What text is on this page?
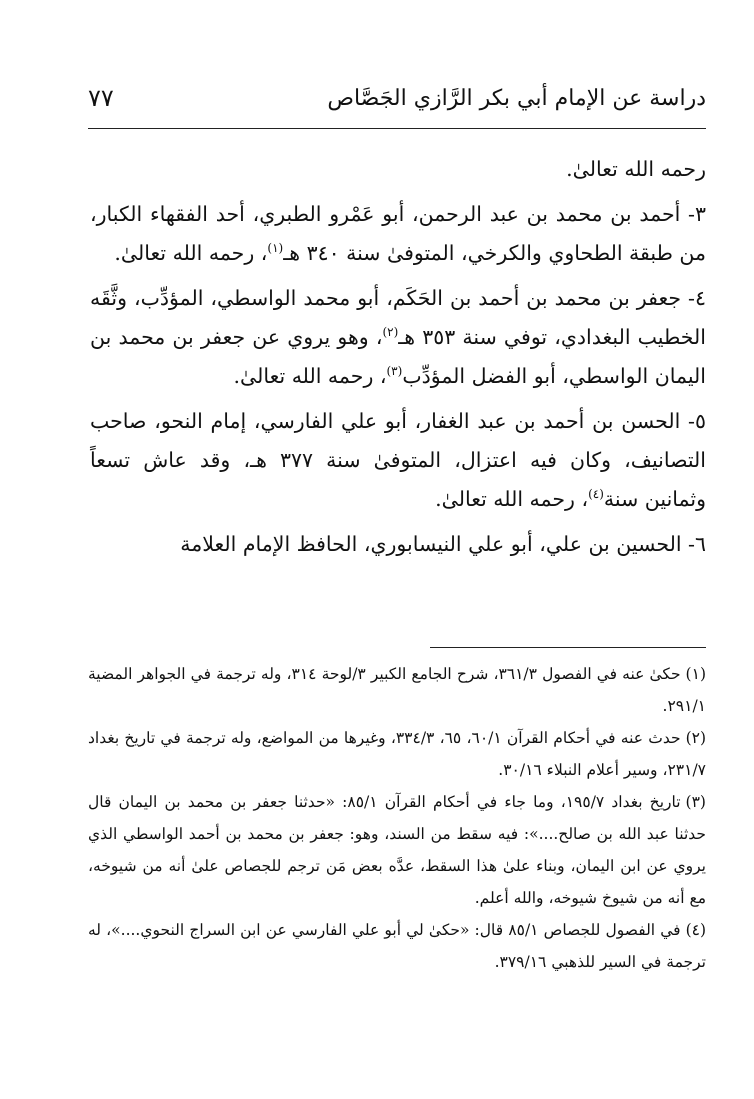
دراسة عن الإمام أبي بكر الرَّازي الجَصَّاص
٧٧

رحمه الله تعالىٰ.

٣- أحمد بن محمد بن عبد الرحمن، أبو عَمْرو الطبري، أحد الفقهاء الكبار، من طبقة الطحاوي والكرخي، المتوفىٰ سنة ٣٤٠ هـ$^{(١)}$، رحمه الله تعالىٰ.

٤- جعفر بن محمد بن أحمد بن الحَكَم، أبو محمد الواسطي، المؤدِّب، وثَّقَه الخطيب البغدادي، توفي سنة ٣٥٣ هـ$^{(٢)}$، وهو يروي عن جعفر بن محمد بن اليمان الواسطي، أبو الفضل المؤدِّب$^{(٣)}$، رحمه الله تعالىٰ.

٥- الحسن بن أحمد بن عبد الغفار، أبو علي الفارسي، إمام النحو، صاحب التصانيف، وكان فيه اعتزال، المتوفىٰ سنة ٣٧٧ هـ، وقد عاش تسعاً وثمانين سنة$^{(٤)}$، رحمه الله تعالىٰ.

٦- الحسين بن علي، أبو علي النيسابوري، الحافظ الإمام العلامة

(١)حكىٰ عنه في الفصول ٣٦١/٣، شرح الجامع الكبير ٣/لوحة ٣١٤، وله ترجمة في الجواهر المضية ٢٩١/١.

(٢)حدث عنه في أحكام القرآن ٦٠/١، ٦٥، ٣٣٤/٣، وغيرها من المواضع، وله ترجمة في تاريخ بغداد ٢٣١/٧، وسير أعلام النبلاء ٣٠/١٦.

(٣)تاريخ بغداد ١٩٥/٧، وما جاء في أحكام القرآن ٨٥/١: «حدثنا جعفر بن محمد بن اليمان قال حدثنا عبد الله بن صالح....»: فيه سقط من السند، وهو: جعفر بن محمد بن أحمد الواسطي الذي يروي عن ابن اليمان، وبناء علىٰ هذا السقط، عدَّه بعض مَن ترجم للجصاص علىٰ أنه من شيوخه، مع أنه من شيوخ شيوخه، والله أعلم.

(٤)في الفصول للجصاص ٨٥/١ قال: «حكىٰ لي أبو علي الفارسي عن ابن السراج النحوي....»، له ترجمة في السير للذهبي ٣٧٩/١٦.
